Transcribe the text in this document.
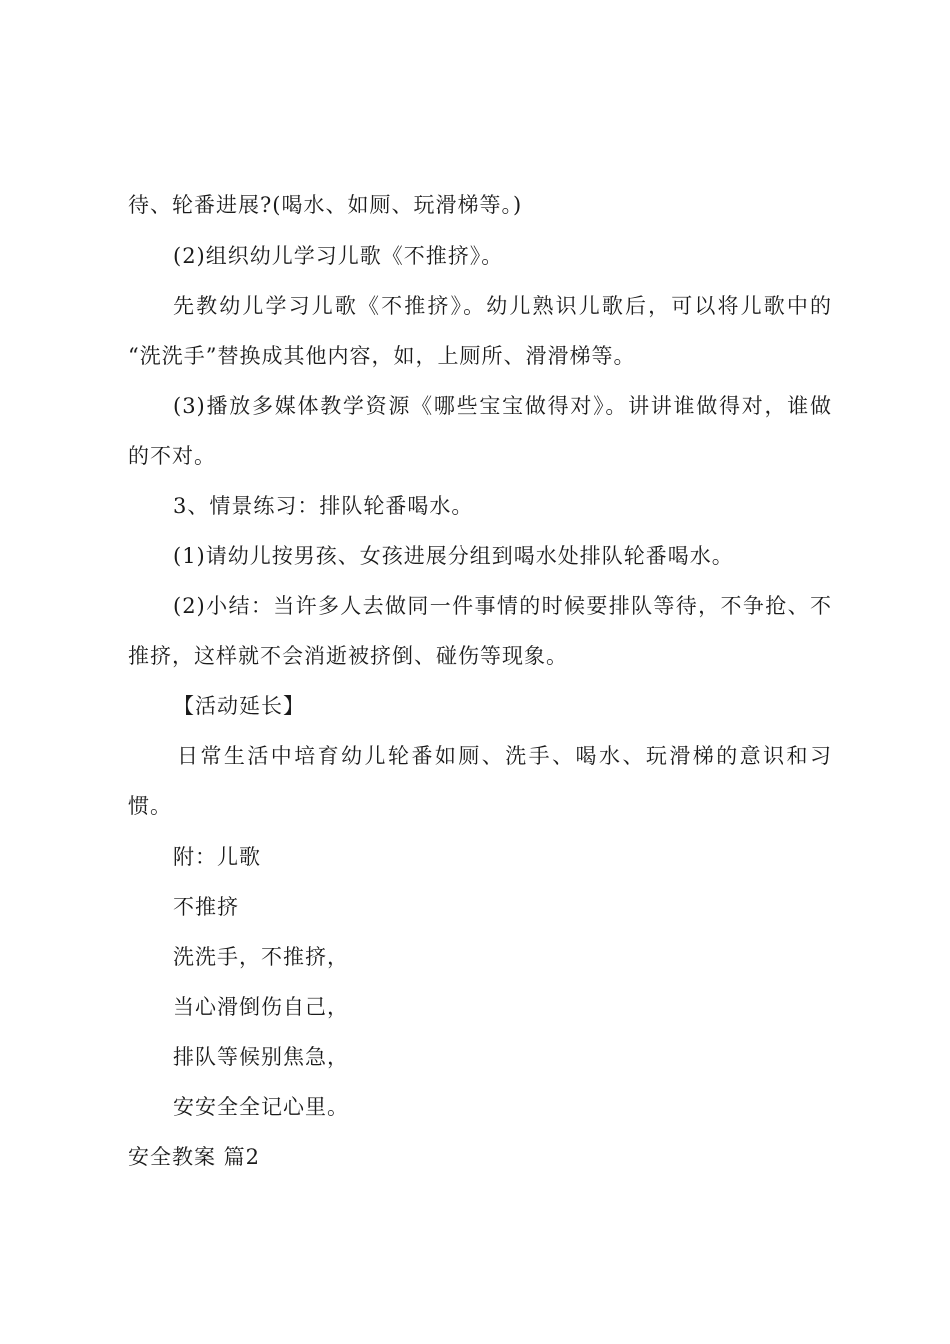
待、轮番进展?(喝水、如厕、玩滑梯等。)
(2)组织幼儿学习儿歌《不推挤》。
先教幼儿学习儿歌《不推挤》。幼儿熟识儿歌后，可以将儿歌中的
“洗洗手”替换成其他内容，如，上厕所、滑滑梯等。
(3)播放多媒体教学资源《哪些宝宝做得对》。讲讲谁做得对，谁做
的不对。
3、情景练习：排队轮番喝水。
(1)请幼儿按男孩、女孩进展分组到喝水处排队轮番喝水。
(2)小结：当许多人去做同一件事情的时候要排队等待，不争抢、不
推挤，这样就不会消逝被挤倒、碰伤等现象。
【活动延长】
日常生活中培育幼儿轮番如厕、洗手、喝水、玩滑梯的意识和习
惯。
附：儿歌
不推挤
洗洗手，不推挤，
当心滑倒伤自己，
排队等候别焦急，
安安全全记心里。
安全教案 篇2
